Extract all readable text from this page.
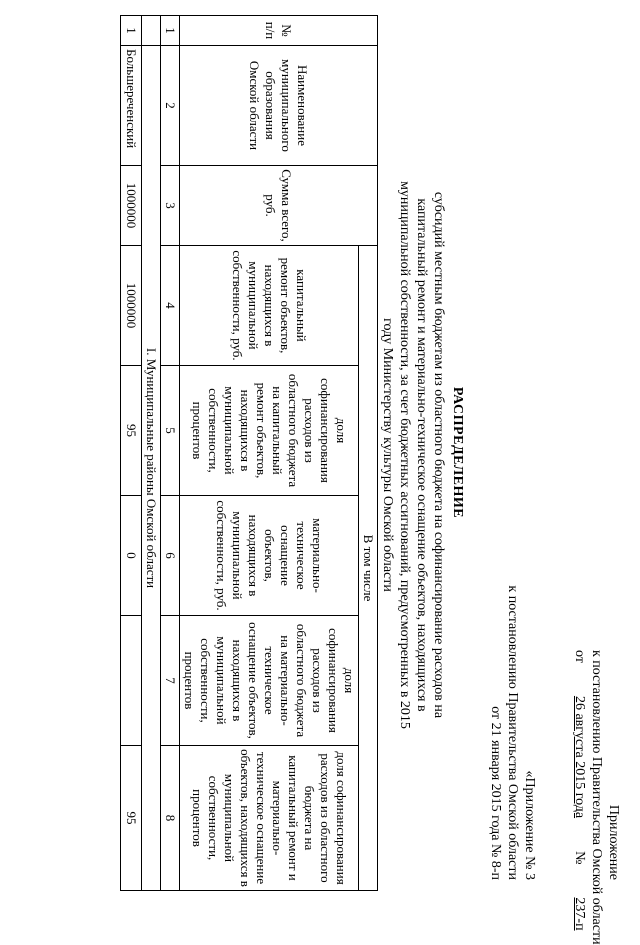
Приложение
к постановлению Правительства Омской области
от  26 августа 2015 года  №  237-п
«Приложение № 3
к постановлению Правительства Омской области
от 21 января 2015 года № 8-п
РАСПРЕДЕЛЕНИЕ
субсидий местным бюджетам из областного бюджета на софинансирование расходов на капитальный ремонт и материально-техническое оснащение объектов, находящихся в муниципальной собственности, за счет бюджетных ассигнований, предусмотренных в 2015 году Министерству культуры Омской области
№ п/п	Наименование муниципального образования Омской области	Сумма всего, руб.	В том числе				
			капитальный ремонт объектов, находящихся в муниципальной собственности, руб.	доля софинансирования расходов из областного бюджета на капитальный ремонт объектов, находящихся в муниципальной собственности, процентов	материально-техническое оснащение объектов, находящихся в муниципальной собственности, руб.	доля софинансирования расходов из областного бюджета на материально-техническое оснащение объектов, находящихся в муниципальной собственности, процентов	доля софинансирования расходов из областного бюджета на капитальный ремонт и материально-техническое оснащение объектов, находящихся в муниципальной собственности, процентов
1	2	3	4	5	6	7	8
	I. Муниципальные районы Омской области						
1	Большереченский	1000000	1000000	95	0		95
